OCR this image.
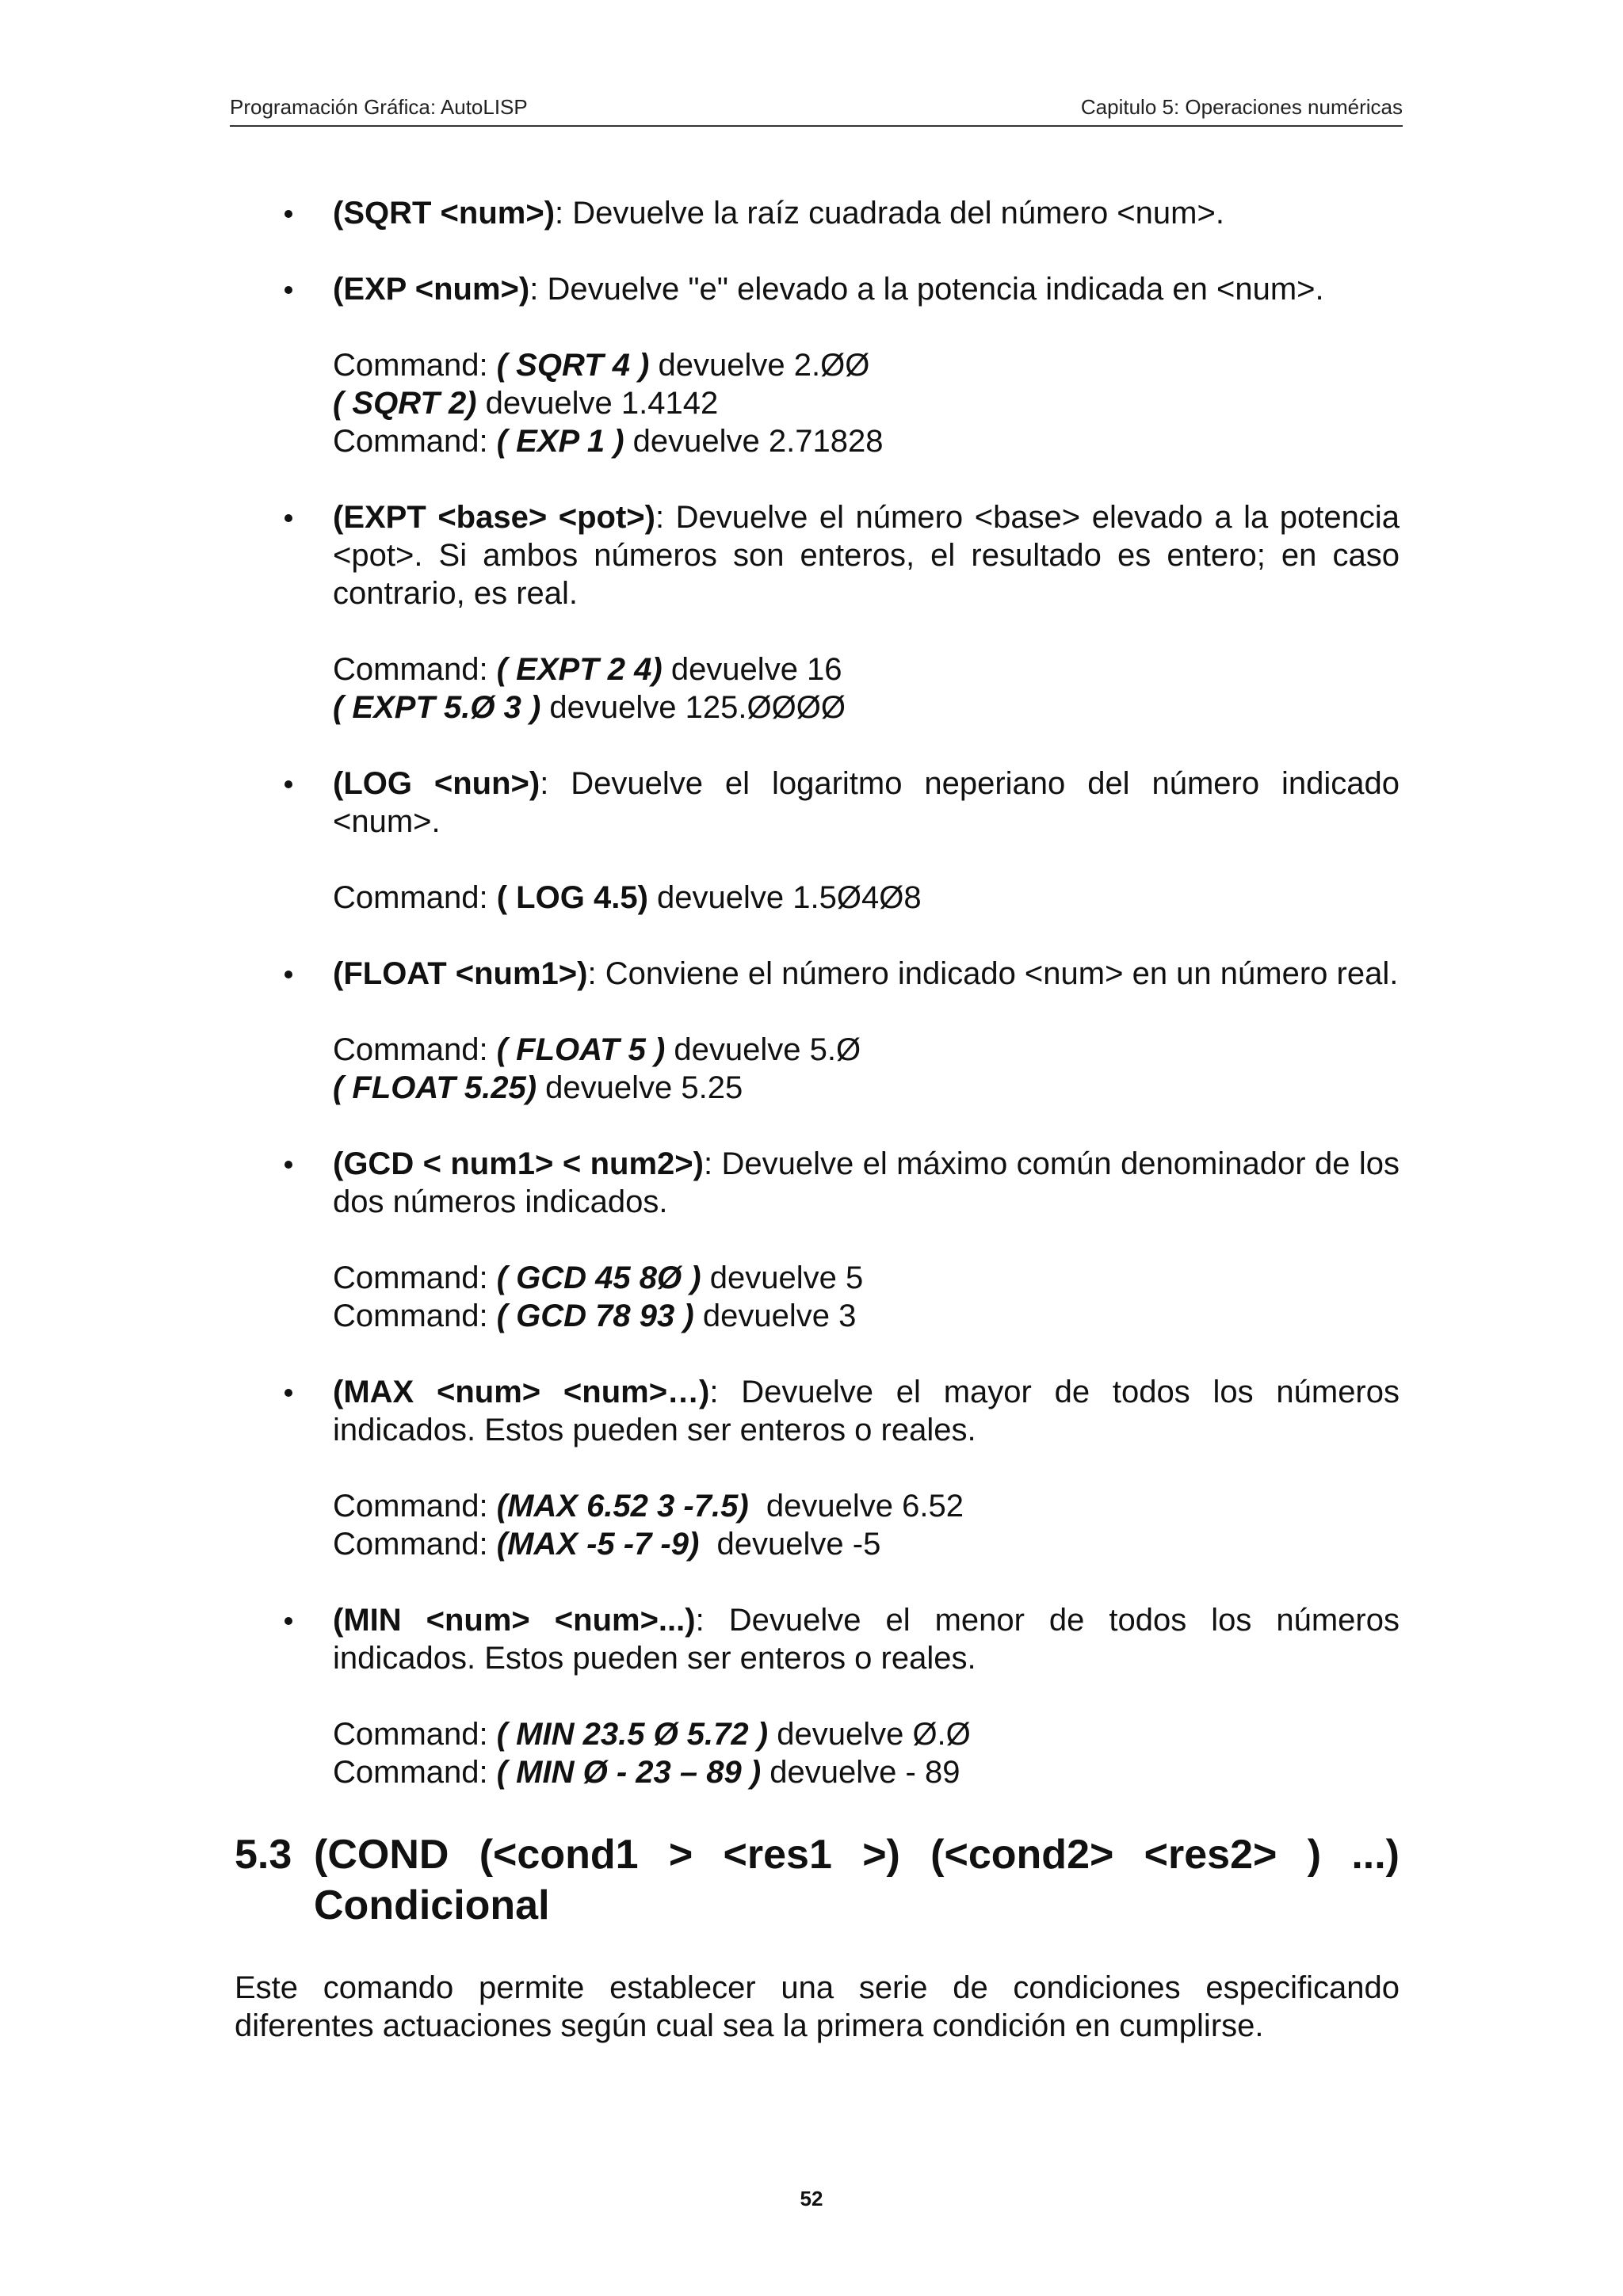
Programación Gráfica: AutoLISP	Capitulo 5: Operaciones numéricas
(SQRT <num>): Devuelve la raíz cuadrada del número <num>.
(EXP <num>): Devuelve "e" elevado a la potencia indicada en <num>.
Command: ( SQRT 4 ) devuelve 2.ØØ
( SQRT 2) devuelve 1.4142
Command: ( EXP 1 ) devuelve 2.71828
(EXPT <base> <pot>): Devuelve el número <base> elevado a la potencia <pot>. Si ambos números son enteros, el resultado es entero; en caso contrario, es real.
Command: ( EXPT 2 4) devuelve 16
( EXPT 5.Ø 3 ) devuelve 125.ØØØØ
(LOG <nun>): Devuelve el logaritmo neperiano del número indicado <num>.
Command: ( LOG 4.5) devuelve 1.5Ø4Ø8
(FLOAT <num1>): Conviene el número indicado <num> en un número real.
Command: ( FLOAT 5 ) devuelve 5.Ø
( FLOAT 5.25) devuelve 5.25
(GCD < num1> < num2>): Devuelve el máximo común denominador de los dos números indicados.
Command: ( GCD 45 8Ø ) devuelve 5
Command: ( GCD 78 93 ) devuelve 3
(MAX <num> <num>…): Devuelve el mayor de todos los números indicados. Estos pueden ser enteros o reales.
Command: (MAX 6.52 3 -7.5)  devuelve 6.52
Command: (MAX -5 -7 -9)  devuelve -5
(MIN <num> <num>...): Devuelve el menor de todos los números indicados. Estos pueden ser enteros o reales.
Command: ( MIN 23.5 Ø 5.72 ) devuelve Ø.Ø
Command: ( MIN Ø - 23 – 89 ) devuelve - 89
5.3 (COND (<cond1 > <res1 >) (<cond2> <res2> ) ...)
Condicional
Este comando permite establecer una serie de condiciones especificando diferentes actuaciones según cual sea la primera condición en cumplirse.
52
